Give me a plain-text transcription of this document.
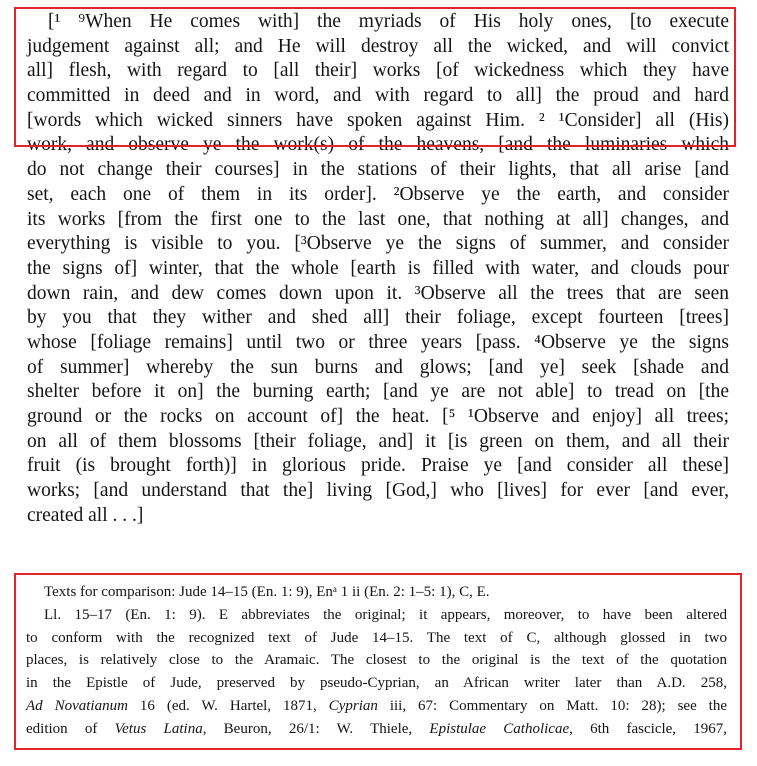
[¹ ⁹When He comes with] the myriads of His holy ones, [to execute
judgement against all; and He will destroy all the wicked, and will convict
all] flesh, with regard to [all their] works [of wickedness which they have
committed in deed and in word, and with regard to all] the proud and hard
[words which wicked sinners have spoken against Him. ² ¹Consider] all (His)
work, and observe ye the work(s) of the heavens, [and the luminaries which
do not change their courses] in the stations of their lights, that all arise [and
set, each one of them in its order]. ²Observe ye the earth, and consider
its works [from the first one to the last one, that nothing at all] changes, and
everything is visible to you. [³Observe ye the signs of summer, and consider
the signs of] winter, that the whole [earth is filled with water, and clouds pour
down rain, and dew comes down upon it. ³Observe all the trees that are seen
by you that they wither and shed all] their foliage, except fourteen [trees]
whose [foliage remains] until two or three years [pass. ⁴Observe ye the signs
of summer] whereby the sun burns and glows; [and ye] seek [shade and
shelter before it on] the burning earth; [and ye are not able] to tread on [the
ground or the rocks on account of] the heat. [⁵ ¹Observe and enjoy] all trees;
on all of them blossoms [their foliage, and] it [is green on them, and all their
fruit (is brought forth)] in glorious pride. Praise ye [and consider all these]
works; [and understand that the] living [God,] who [lives] for ever [and ever,
created all . . .]
Texts for comparison: Jude 14–15 (En. 1: 9), Enᵃ 1 ii (En. 2: 1–5: 1), C, E.
Ll. 15–17 (En. 1: 9). E abbreviates the original; it appears, moreover, to have been altered
to conform with the recognized text of Jude 14–15. The text of C, although glossed in two
places, is relatively close to the Aramaic. The closest to the original is the text of the quotation
in the Epistle of Jude, preserved by pseudo-Cyprian, an African writer later than A.D. 258,
Ad Novatianum 16 (ed. W. Hartel, 1871, Cyprian iii, 67: Commentary on Matt. 10: 28); see the
edition of Vetus Latina, Beuron, 26/1: W. Thiele, Epistulae Catholicae, 6th fascicle, 1967,
